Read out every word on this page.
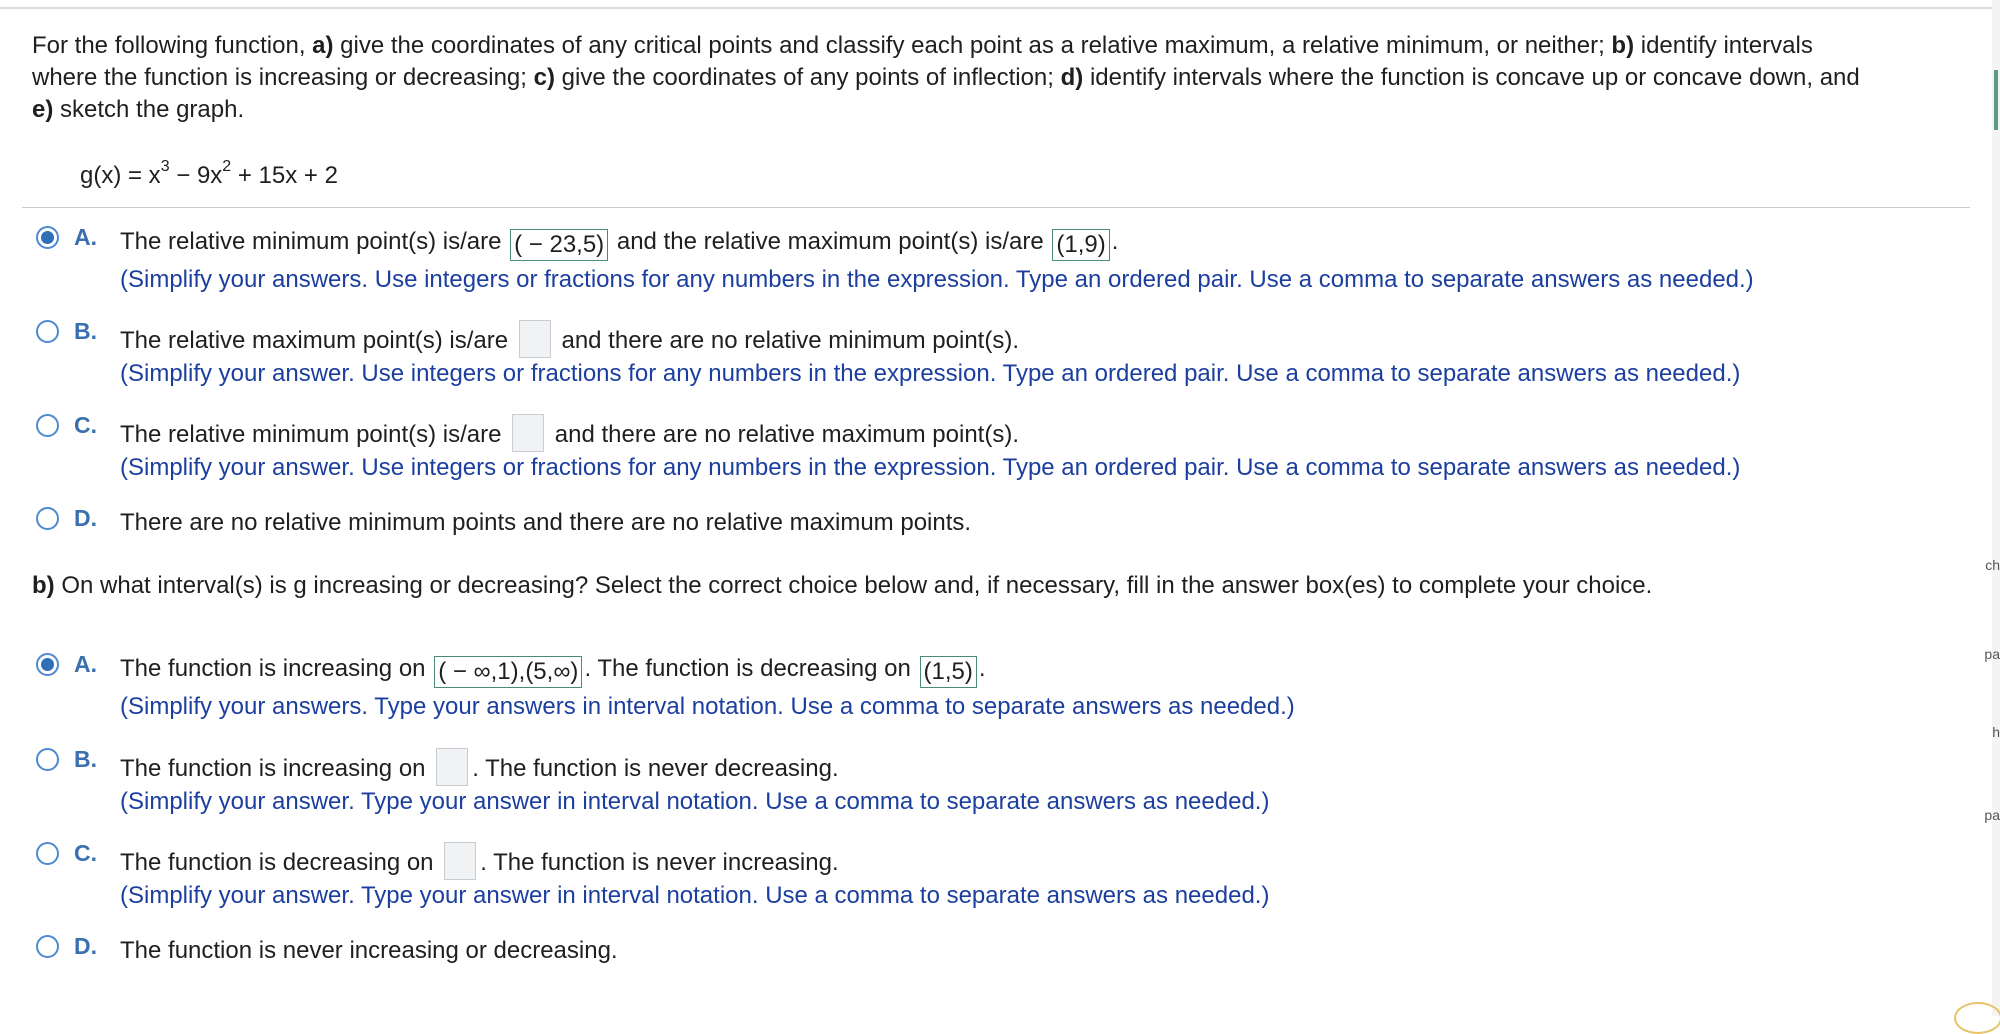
ch
pa
h
pa
For the following function, a) give the coordinates of any critical points and classify each point as a relative maximum, a relative minimum, or neither; b) identify intervals where the function is increasing or decreasing; c) give the coordinates of any points of inflection; d) identify intervals where the function is concave up or concave down, and e) sketch the graph.
$g(x) = x^3 - 9x^2 + 15x + 2$
A. The relative minimum point(s) is/are ( − 23,5) and the relative maximum point(s) is/are (1,9) .
(Simplify your answers. Use integers or fractions for any numbers in the expression. Type an ordered pair. Use a comma to separate answers as needed.)
B. The relative maximum point(s) is/are and there are no relative minimum point(s).
(Simplify your answer. Use integers or fractions for any numbers in the expression. Type an ordered pair. Use a comma to separate answers as needed.)
C. The relative minimum point(s) is/are and there are no relative maximum point(s).
(Simplify your answer. Use integers or fractions for any numbers in the expression. Type an ordered pair. Use a comma to separate answers as needed.)
D. There are no relative minimum points and there are no relative maximum points.
b) On what interval(s) is g increasing or decreasing? Select the correct choice below and, if necessary, fill in the answer box(es) to complete your choice.
A. The function is increasing on ( − ∞,1),(5,∞) . The function is decreasing on (1,5) .
(Simplify your answers. Type your answers in interval notation. Use a comma to separate answers as needed.)
B. The function is increasing on . The function is never decreasing.
(Simplify your answer. Type your answer in interval notation. Use a comma to separate answers as needed.)
C. The function is decreasing on . The function is never increasing.
(Simplify your answer. Type your answer in interval notation. Use a comma to separate answers as needed.)
D. The function is never increasing or decreasing.
